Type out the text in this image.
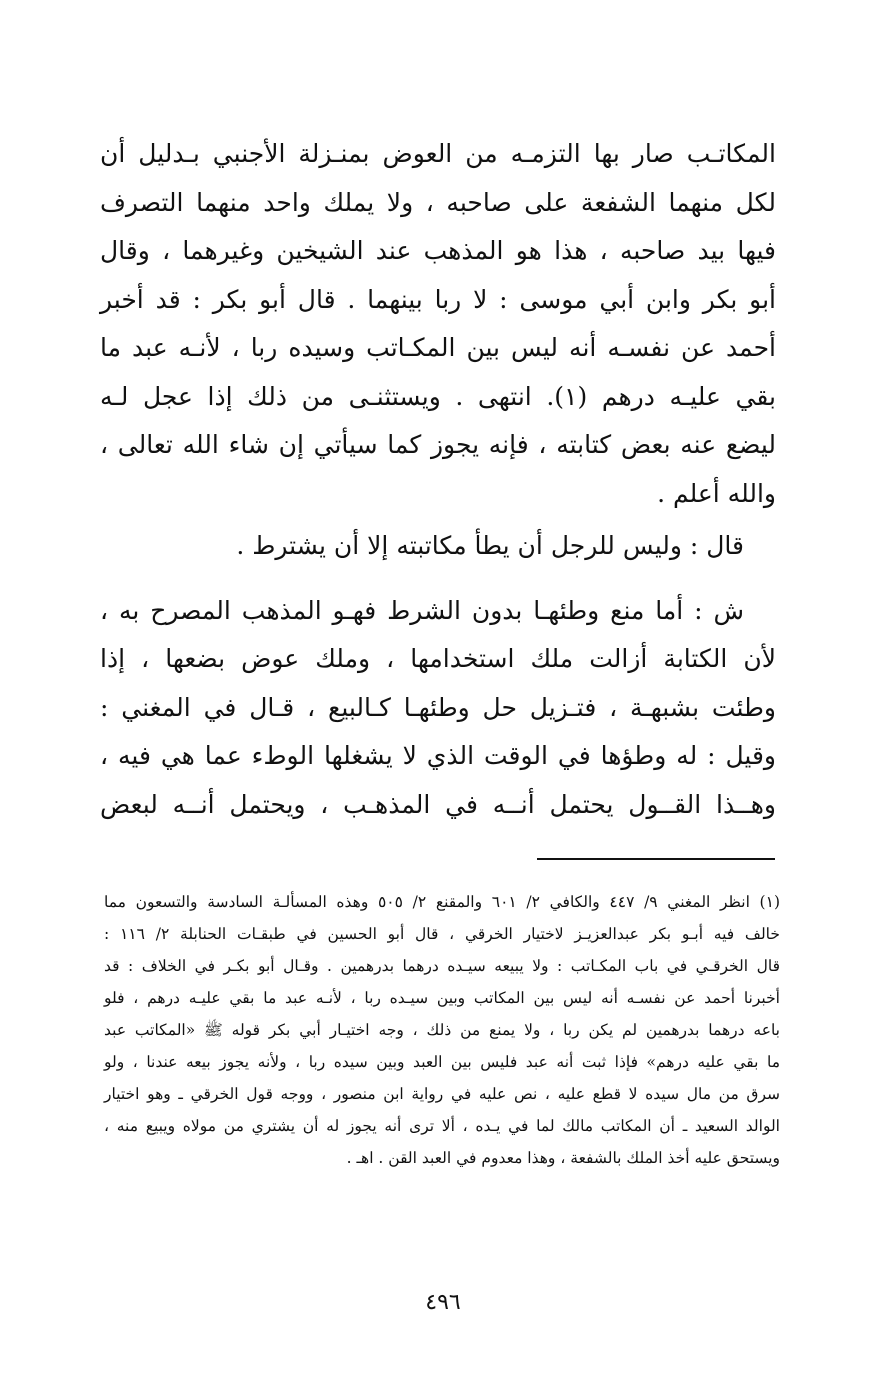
المكاتـب صار بها التزمـه من العوض بمنـزلة الأجنبي بـدليل أن
لكل منهما الشفعة على صاحبه ، ولا يملك واحد منهما التصرف
فيها بيد صاحبه ، هذا هو المذهب عند الشيخين وغيرهما ، وقال
أبو بكر وابن أبي موسى : لا ربا بينهما . قال أبو بكر : قد أخبر
أحمد عن نفسـه أنه ليس بين المكـاتب وسيده ربا ، لأنـه عبد ما
بقي عليـه درهم (١). انتهى . ويستثنـى من ذلك إذا عجل لـه
ليضع عنه بعض كتابته ، فإنه يجوز كما سيأتي إن شاء الله تعالى ،
والله أعلم .

قال : وليس للرجل أن يطأ مكاتبته إلا أن يشترط .

ش : أما منع وطئهـا بدون الشرط فهـو المذهب المصرح به ،
لأن الكتابة أزالت ملك استخدامها ، وملك عوض بضعها ، إذا
وطئت بشبهـة ، فتـزيل حل وطئهـا كـالبيع ، قـال في المغني :
وقيل : له وطؤها في الوقت الذي لا يشغلها الوطء عما هي فيه ،
وهــذا القــول يحتمل أنــه في المذهـب ، ويحتمل أنــه لبعض

(١) انظر المغني ٩/ ٤٤٧ والكافي ٢/ ٦٠١ والمقنع ٢/ ٥٠٥ وهذه المسألـة السادسة والتسعون مما
خالف فيه أبـو بكر عبدالعزيـز لاختيار الخرقي ، قال أبو الحسين في طبقـات الحنابلة ٢/ ١١٦ :
قال الخرقـي في باب المكـاتب : ولا يبيعه سيـده درهما بدرهمين . وقـال أبو بكـر في الخلاف : قد
أخبرنا أحمد عن نفسـه أنه ليس بين المكاتب وبين سيـده ربا ، لأنـه عبد ما بقي عليـه درهم ، فلو
باعه درهما بدرهمين لم يكن ربا ، ولا يمنع من ذلك ، وجه اختيـار أبي بكر قوله ﷺ «المكاتب عبد
ما بقي عليه درهم» فإذا ثبت أنه عبد فليس بين العبد وبين سيده ربا ، ولأنه يجوز بيعه عندنا ، ولو
سرق من مال سيده لا قطع عليه ، نص عليه في رواية ابن منصور ، ووجه قول الخرقي ـ وهو اختيار
الوالد السعيد ـ أن المكاتب مالك لما في يـده ، ألا ترى أنه يجوز له أن يشتري من مولاه ويبيع منه ،
ويستحق عليه أخذ الملك بالشفعة ، وهذا معدوم في العبد القن . اهـ .
٤٩٦
